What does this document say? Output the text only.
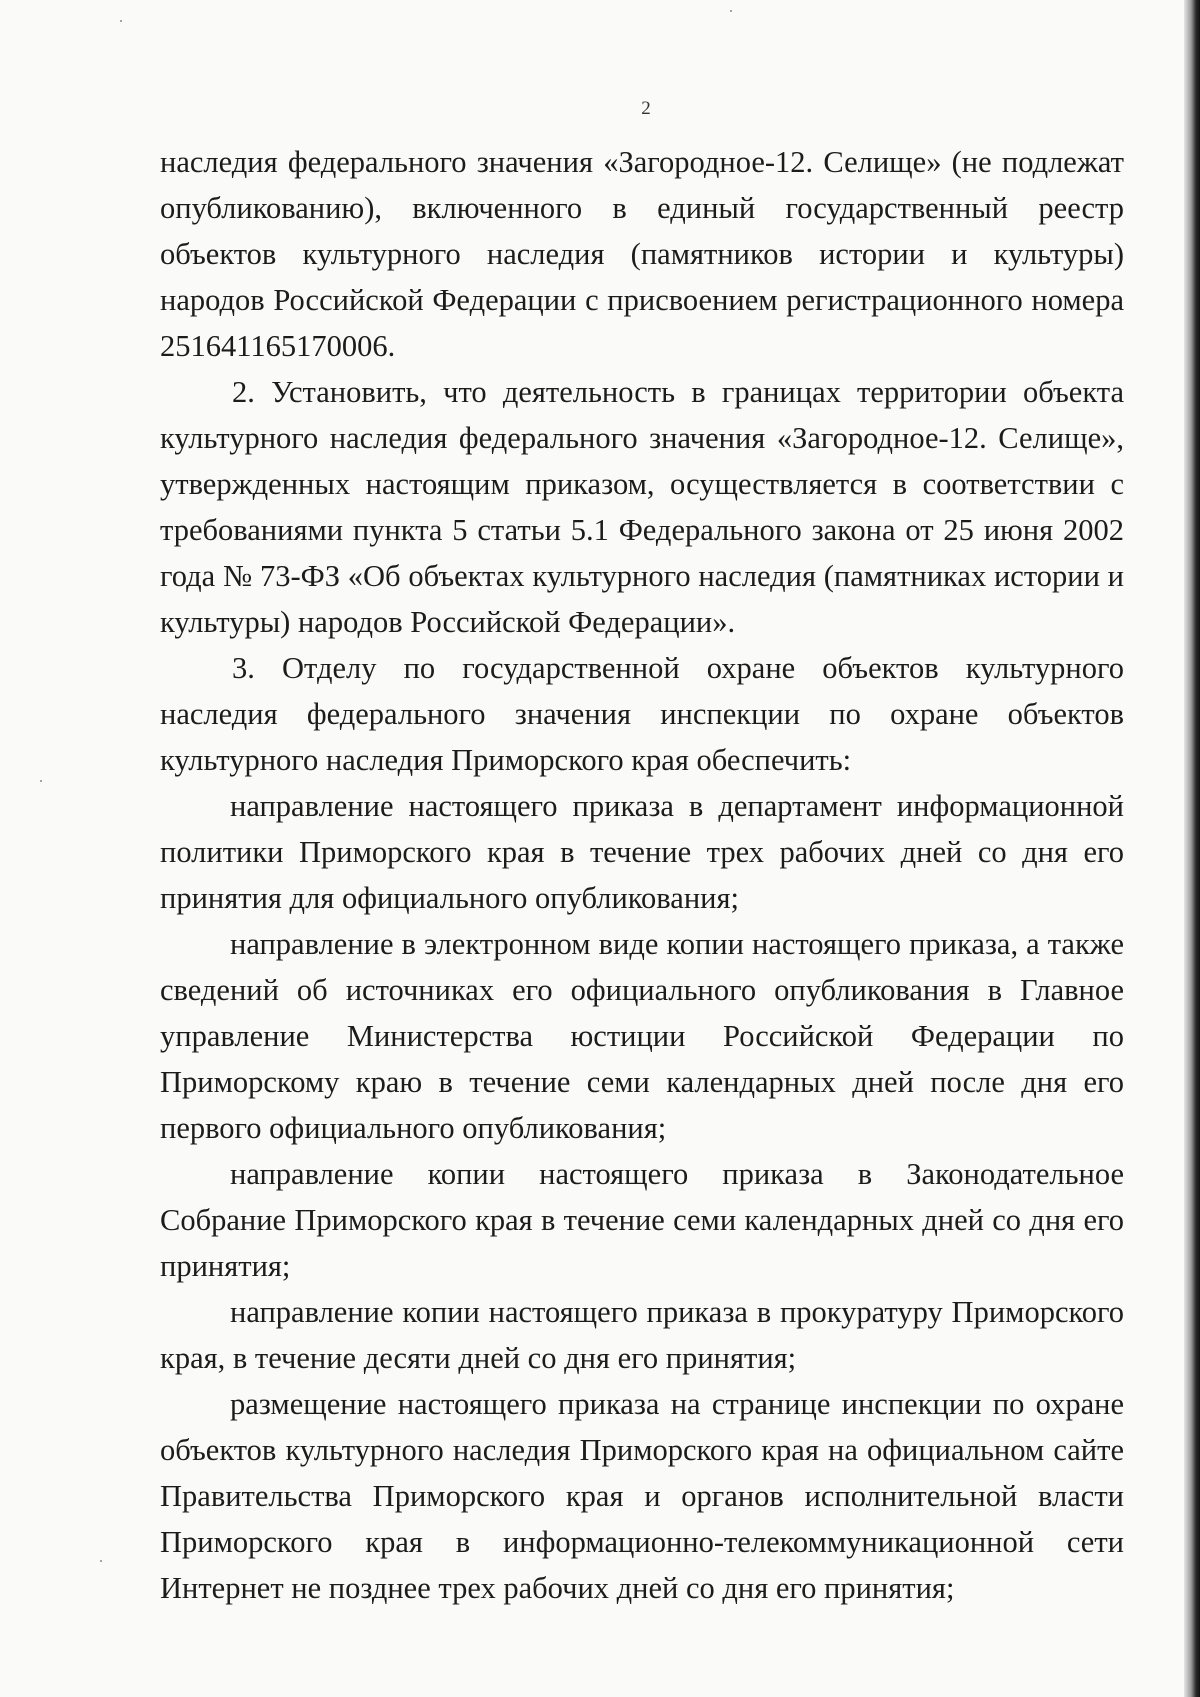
2

наследия федерального значения «Загородное-12. Селище» (не подлежат опубликованию), включенного в единый государственный реестр объектов культурного наследия (памятников истории и культуры) народов Российской Федерации с присвоением регистрационного номера 251641165170006.

2. Установить, что деятельность в границах территории объекта культурного наследия федерального значения «Загородное-12. Селище», утвержденных настоящим приказом, осуществляется в соответствии с требованиями пункта 5 статьи 5.1 Федерального закона от 25 июня 2002 года № 73-ФЗ «Об объектах культурного наследия (памятниках истории и культуры) народов Российской Федерации».

3. Отделу по государственной охране объектов культурного наследия федерального значения инспекции по охране объектов культурного наследия Приморского края обеспечить:

направление настоящего приказа в департамент информационной политики Приморского края в течение трех рабочих дней со дня его принятия для официального опубликования;

направление в электронном виде копии настоящего приказа, а также сведений об источниках его официального опубликования в Главное управление Министерства юстиции Российской Федерации по Приморскому краю в течение семи календарных дней после дня его первого официального опубликования;

направление копии настоящего приказа в Законодательное Собрание Приморского края в течение семи календарных дней со дня его принятия;

направление копии настоящего приказа в прокуратуру Приморского края, в течение десяти дней со дня его принятия;

размещение настоящего приказа на странице инспекции по охране объектов культурного наследия Приморского края на официальном сайте Правительства Приморского края и органов исполнительной власти Приморского края в информационно-телекоммуникационной сети Интернет не позднее трех рабочих дней со дня его принятия;
